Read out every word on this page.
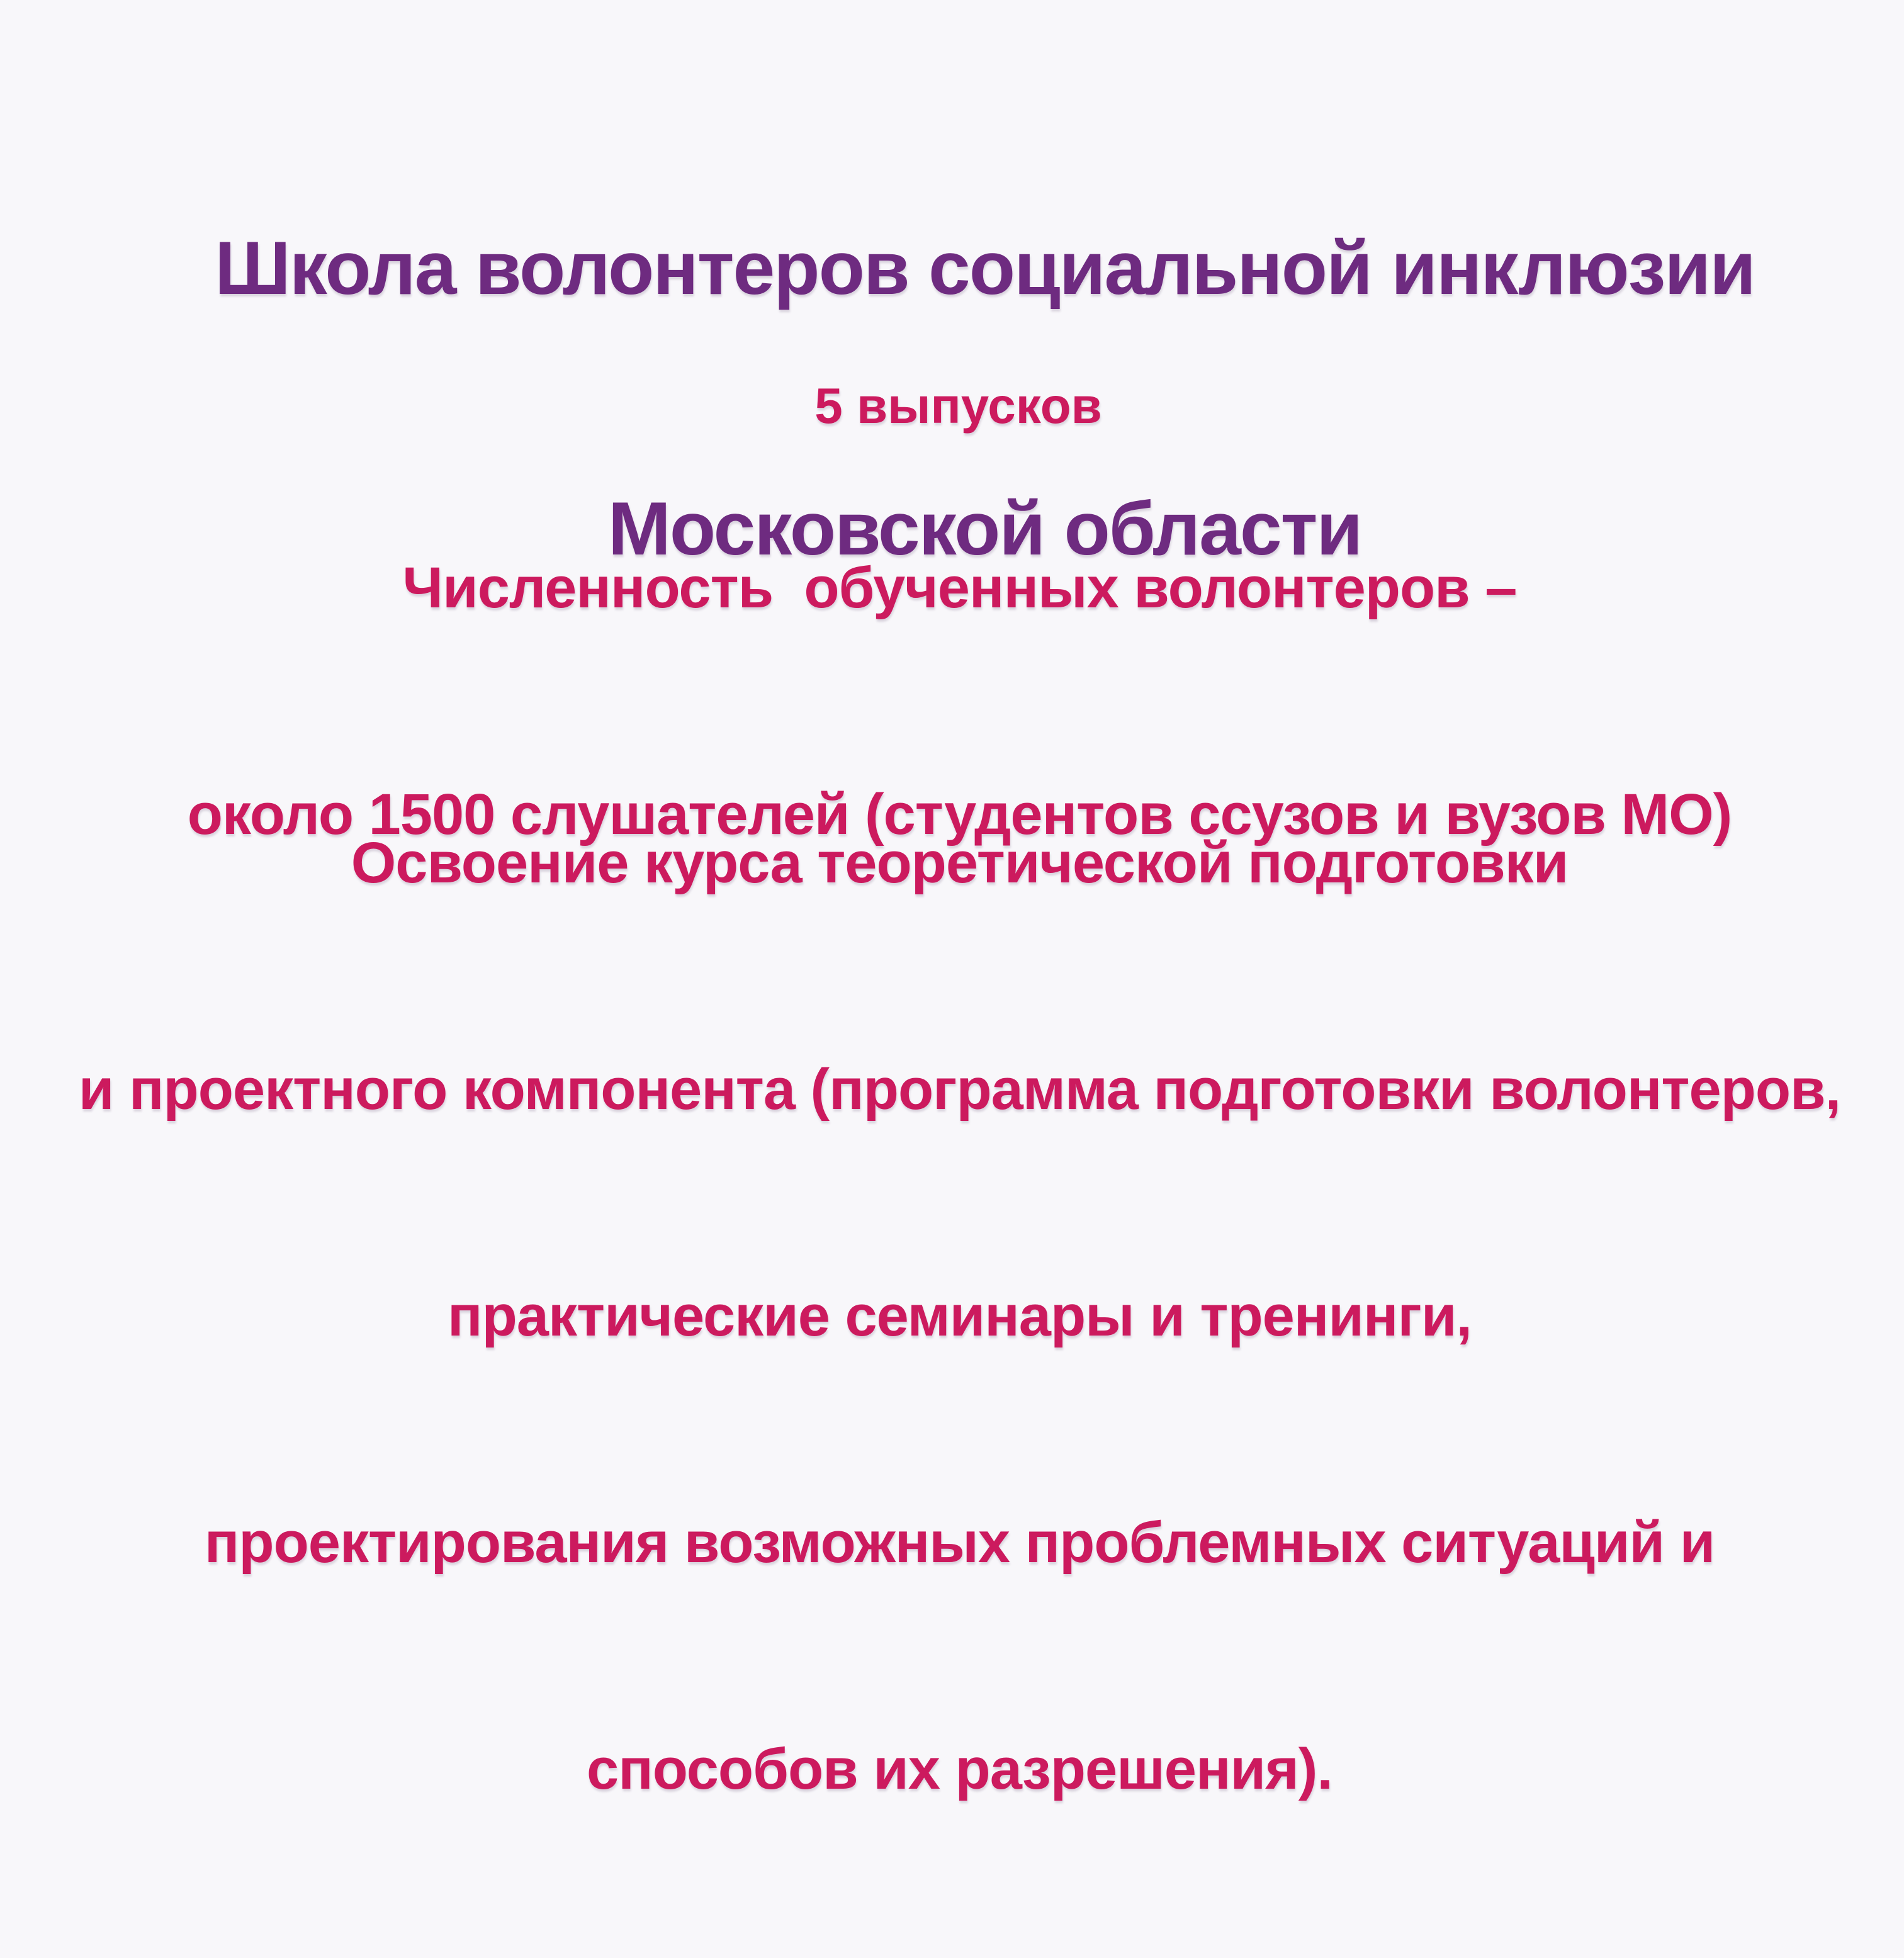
Школа волонтеров социальной инклюзии

Московской области

5 выпусков

Численность  обученных волонтеров –

около 1500 слушателей (студентов ссузов и вузов МО)

Освоение курса теоретической подготовки

и проектного компонента (программа подготовки волонтеров,

практические семинары и тренинги,

проектирования возможных проблемных ситуаций и

способов их разрешения).
